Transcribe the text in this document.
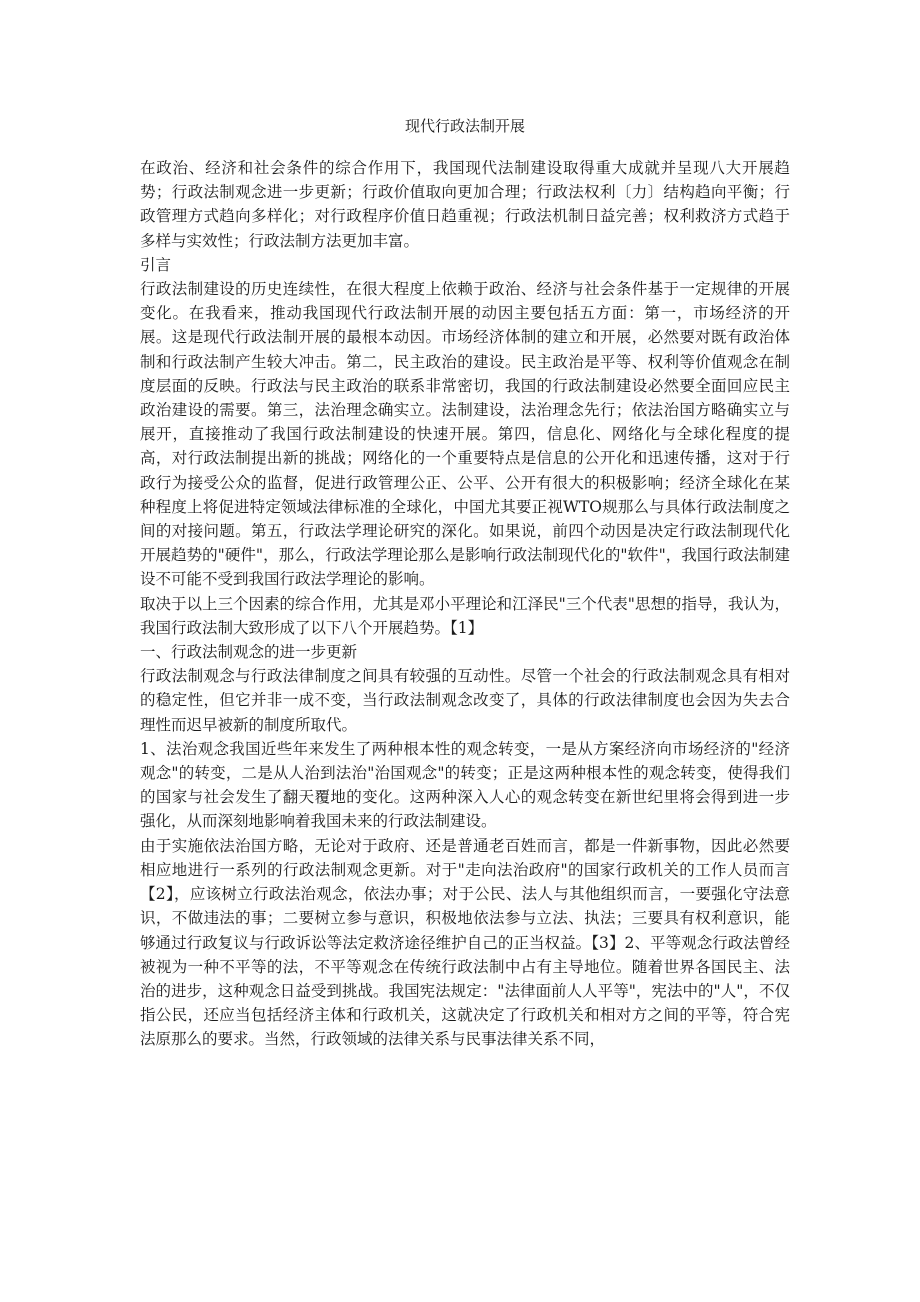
现代行政法制开展

在政治、经济和社会条件的综合作用下，我国现代法制建设取得重大成就并呈现八大开展趋势；行政法制观念进一步更新；行政价值取向更加合理；行政法权利〔力〕结构趋向平衡；行政管理方式趋向多样化；对行政程序价值日趋重视；行政法机制日益完善；权利救济方式趋于多样与实效性；行政法制方法更加丰富。

引言

行政法制建设的历史连续性，在很大程度上依赖于政治、经济与社会条件基于一定规律的开展变化。在我看来，推动我国现代行政法制开展的动因主要包括五方面：第一，市场经济的开展。这是现代行政法制开展的最根本动因。市场经济体制的建立和开展，必然要对既有政治体制和行政法制产生较大冲击。第二，民主政治的建设。民主政治是平等、权利等价值观念在制度层面的反映。行政法与民主政治的联系非常密切，我国的行政法制建设必然要全面回应民主政治建设的需要。第三，法治理念确实立。法制建设，法治理念先行；依法治国方略确实立与展开，直接推动了我国行政法制建设的快速开展。第四，信息化、网络化与全球化程度的提高，对行政法制提出新的挑战；网络化的一个重要特点是信息的公开化和迅速传播，这对于行政行为接受公众的监督，促进行政管理公正、公平、公开有很大的积极影响；经济全球化在某种程度上将促进特定领域法律标准的全球化，中国尤其要正视WTO规那么与具体行政法制度之间的对接问题。第五，行政法学理论研究的深化。如果说，前四个动因是决定行政法制现代化开展趋势的"硬件"，那么，行政法学理论那么是影响行政法制现代化的"软件"，我国行政法制建设不可能不受到我国行政法学理论的影响。

取决于以上三个因素的综合作用，尤其是邓小平理论和江泽民"三个代表"思想的指导，我认为，我国行政法制大致形成了以下八个开展趋势。【1】

一、行政法制观念的进一步更新

行政法制观念与行政法律制度之间具有较强的互动性。尽管一个社会的行政法制观念具有相对的稳定性，但它并非一成不变，当行政法制观念改变了，具体的行政法律制度也会因为失去合理性而迟早被新的制度所取代。

1、法治观念我国近些年来发生了两种根本性的观念转变，一是从方案经济向市场经济的"经济观念"的转变，二是从人治到法治"治国观念"的转变；正是这两种根本性的观念转变，使得我们的国家与社会发生了翻天覆地的变化。这两种深入人心的观念转变在新世纪里将会得到进一步强化，从而深刻地影响着我国未来的行政法制建设。

由于实施依法治国方略，无论对于政府、还是普通老百姓而言，都是一件新事物，因此必然要相应地进行一系列的行政法制观念更新。对于"走向法治政府"的国家行政机关的工作人员而言【2】，应该树立行政法治观念，依法办事；对于公民、法人与其他组织而言，一要强化守法意识，不做违法的事；二要树立参与意识，积极地依法参与立法、执法；三要具有权利意识，能够通过行政复议与行政诉讼等法定救济途径维护自己的正当权益。【3】2、平等观念行政法曾经被视为一种不平等的法，不平等观念在传统行政法制中占有主导地位。随着世界各国民主、法治的进步，这种观念日益受到挑战。我国宪法规定："法律面前人人平等"，宪法中的"人"，不仅指公民，还应当包括经济主体和行政机关，这就决定了行政机关和相对方之间的平等，符合宪法原那么的要求。当然，行政领域的法律关系与民事法律关系不同，
